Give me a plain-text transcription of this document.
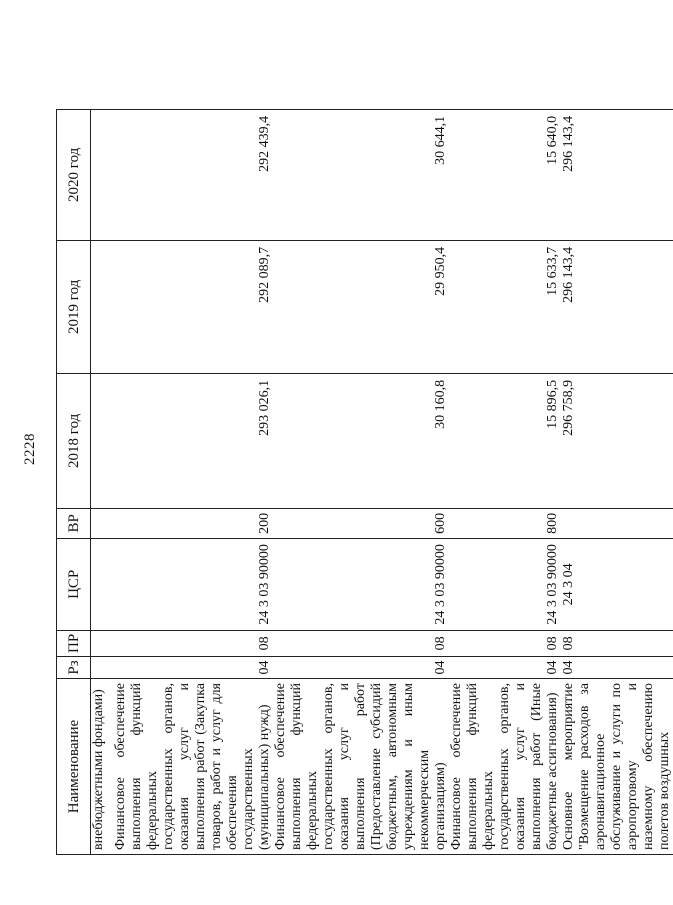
2228
Наименование	Рз	ПР	ЦСР	ВР	2018 год	2019 год	2020 год
внебюджетными фондами)							
Финансовое обеспечение выполнения функций федеральных государственных органов, оказания услуг и выполнения работ (Закупка товаров, работ и услуг для обеспечения государственных (муниципальных) нужд)	04	08	24 3 03 90000	200	293 026,1	292 089,7	292 439,4
Финансовое обеспечение выполнения функций федеральных государственных органов, оказания услуг и выполнения работ (Предоставление субсидий бюджетным, автономным учреждениям и иным некоммерческим организациям)	04	08	24 3 03 90000	600	30 160,8	29 950,4	30 644,1
Финансовое обеспечение выполнения функций федеральных государственных органов, оказания услуг и выполнения работ (Иные бюджетные ассигнования)	04	08	24 3 03 90000	800	15 896,5	15 633,7	15 640,0
Основное мероприятие "Возмещение расходов за аэронавигационное обслуживание и услуги по аэропортовому и наземному обеспечению полетов воздушных	04	08	24 3 04		296 758,9	296 143,4	296 143,4
